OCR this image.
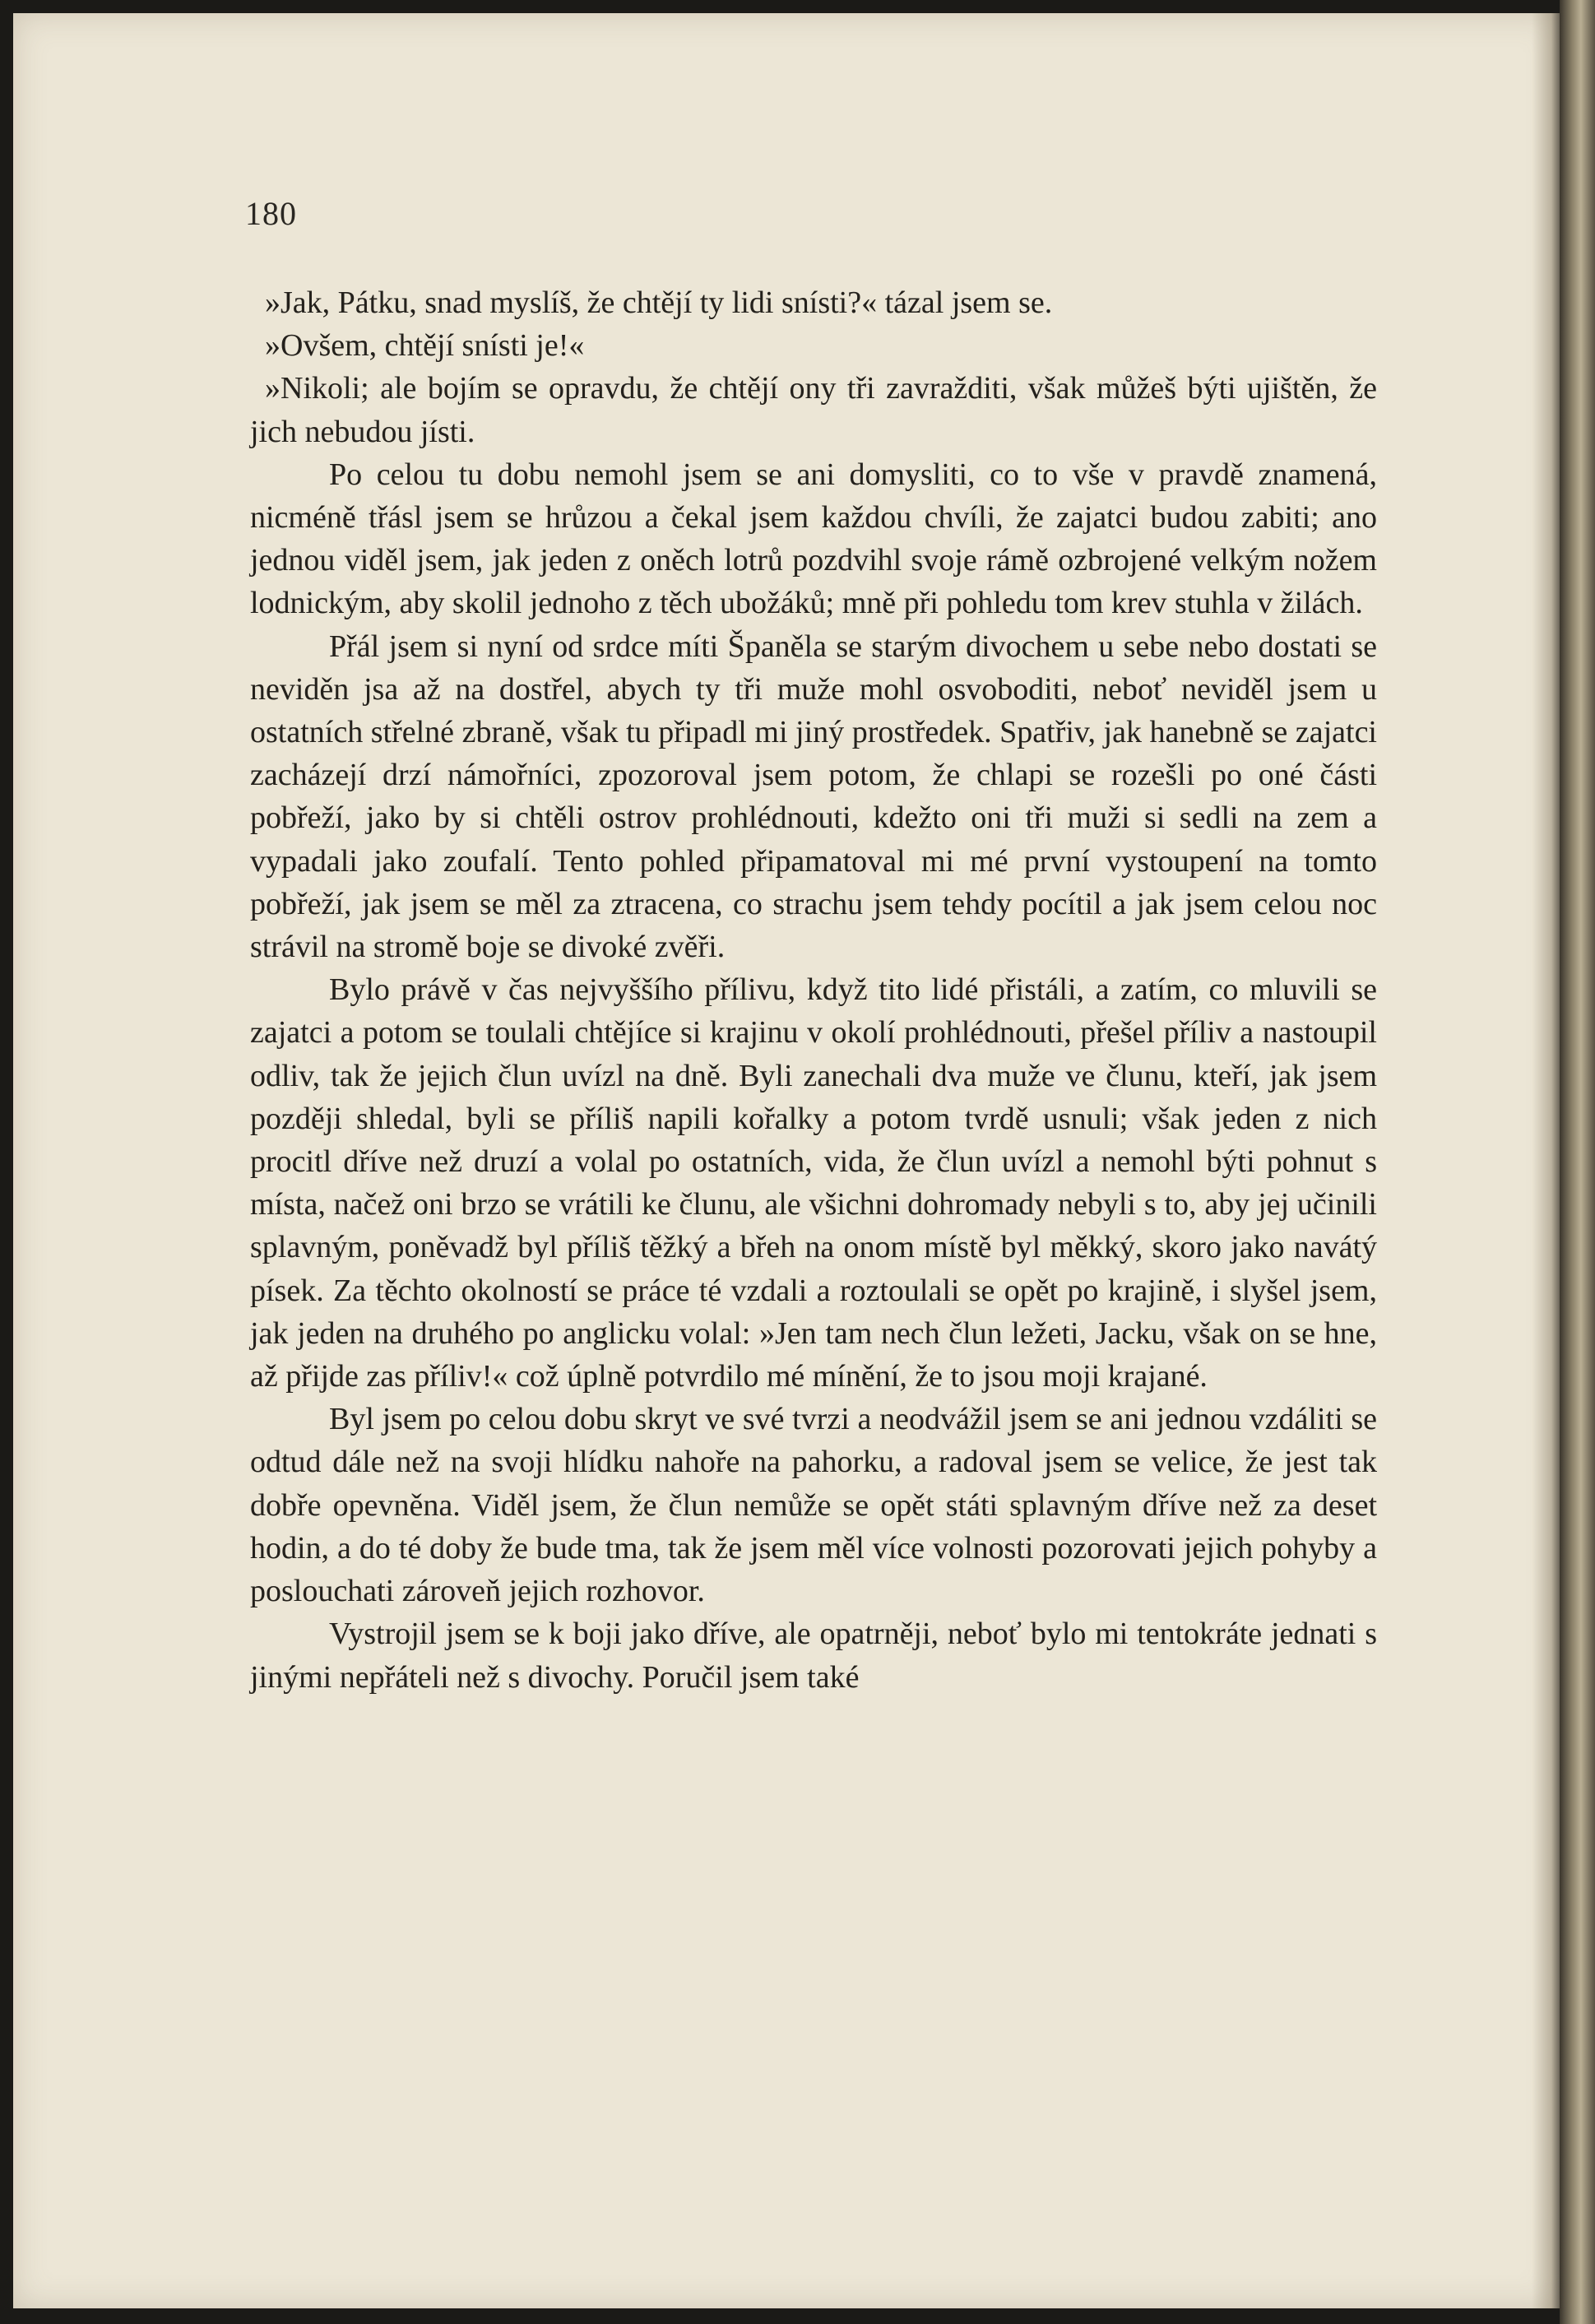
180

»Jak, Pátku, snad myslíš, že chtějí ty lidi snísti?« tázal jsem se.

»Ovšem, chtějí snísti je!«

»Nikoli; ale bojím se opravdu, že chtějí ony tři zavražditi, však můžeš býti ujištěn, že jich nebudou jísti.

Po celou tu dobu nemohl jsem se ani domysliti, co to vše v pravdě znamená, nicméně třásl jsem se hrůzou a čekal jsem každou chvíli, že zajatci budou zabiti; ano jednou viděl jsem, jak jeden z oněch lotrů pozdvihl svoje rámě ozbrojené velkým nožem lodnickým, aby skolil jednoho z těch ubožáků; mně při pohledu tom krev stuhla v žilách.

Přál jsem si nyní od srdce míti Španěla se starým divochem u sebe nebo dostati se neviděn jsa až na dostřel, abych ty tři muže mohl osvoboditi, neboť neviděl jsem u ostatních střelné zbraně, však tu připadl mi jiný prostředek. Spatřiv, jak hanebně se zajatci zacházejí drzí námořníci, zpozoroval jsem potom, že chlapi se rozešli po oné části pobřeží, jako by si chtěli ostrov prohlédnouti, kdežto oni tři muži si sedli na zem a vypadali jako zoufalí. Tento pohled připamatoval mi mé první vystoupení na tomto pobřeží, jak jsem se měl za ztracena, co strachu jsem tehdy pocítil a jak jsem celou noc strávil na stromě boje se divoké zvěři.

Bylo právě v čas nejvyššího přílivu, když tito lidé přistáli, a zatím, co mluvili se zajatci a potom se toulali chtějíce si krajinu v okolí prohlédnouti, přešel příliv a nastoupil odliv, tak že jejich člun uvízl na dně. Byli zanechali dva muže ve člunu, kteří, jak jsem později shledal, byli se příliš napili kořalky a potom tvrdě usnuli; však jeden z nich procitl dříve než druzí a volal po ostatních, vida, že člun uvízl a nemohl býti pohnut s místa, načež oni brzo se vrátili ke člunu, ale všichni dohromady nebyli s to, aby jej učinili splavným, poněvadž byl příliš těžký a břeh na onom místě byl měkký, skoro jako navátý písek. Za těchto okolností se práce té vzdali a roztoulali se opět po krajině, i slyšel jsem, jak jeden na druhého po anglicku volal: »Jen tam nech člun ležeti, Jacku, však on se hne, až přijde zas příliv!« což úplně potvrdilo mé mínění, že to jsou moji krajané.

Byl jsem po celou dobu skryt ve své tvrzi a neodvážil jsem se ani jednou vzdáliti se odtud dále než na svoji hlídku nahoře na pahorku, a radoval jsem se velice, že jest tak dobře opevněna. Viděl jsem, že člun nemůže se opět státi splavným dříve než za deset hodin, a do té doby že bude tma, tak že jsem měl více volnosti pozorovati jejich pohyby a poslouchati zároveň jejich rozhovor.

Vystrojil jsem se k boji jako dříve, ale opatrněji, neboť bylo mi tentokráte jednati s jinými nepřáteli než s divochy. Poručil jsem také
